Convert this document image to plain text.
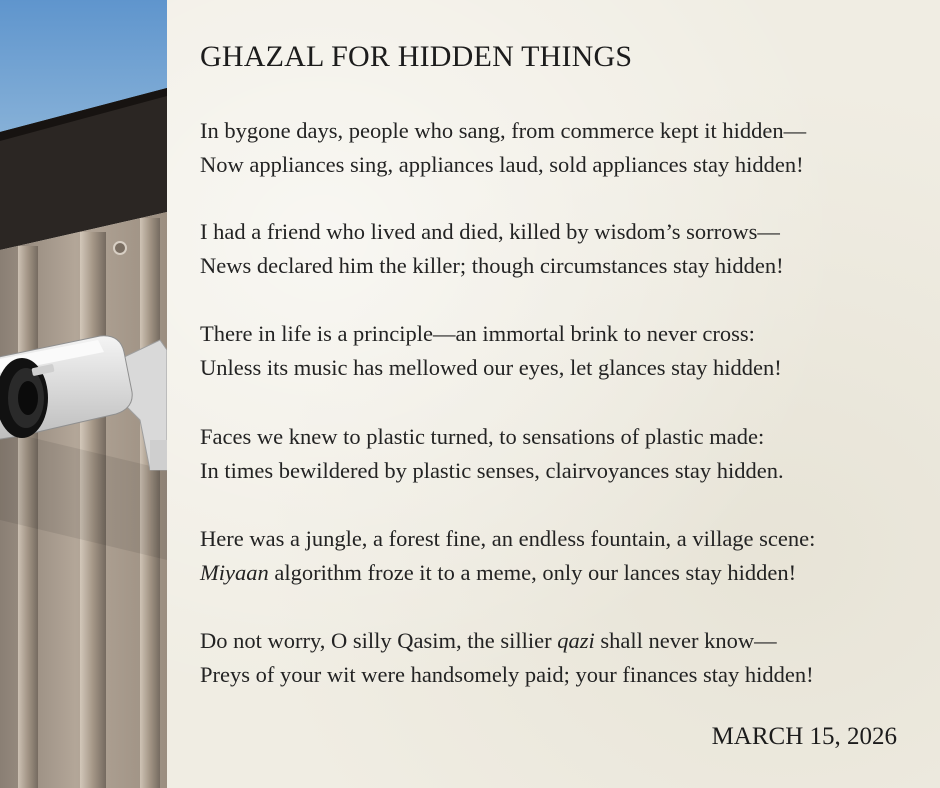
GHAZAL FOR HIDDEN THINGS
In bygone days, people who sang, from commerce kept it hidden—
Now appliances sing, appliances laud, sold appliances stay hidden!
I had a friend who lived and died, killed by wisdom’s sorrows—
News declared him the killer; though circumstances stay hidden!
There in life is a principle—an immortal brink to never cross:
Unless its music has mellowed our eyes, let glances stay hidden!
Faces we knew to plastic turned, to sensations of plastic made:
In times bewildered by plastic senses, clairvoyances stay hidden.
Here was a jungle, a forest fine, an endless fountain, a village scene:
Miyaan algorithm froze it to a meme, only our lances stay hidden!
Do not worry, O silly Qasim, the sillier qazi shall never know—
Preys of your wit were handsomely paid; your finances stay hidden!

MARCH 15, 2026
